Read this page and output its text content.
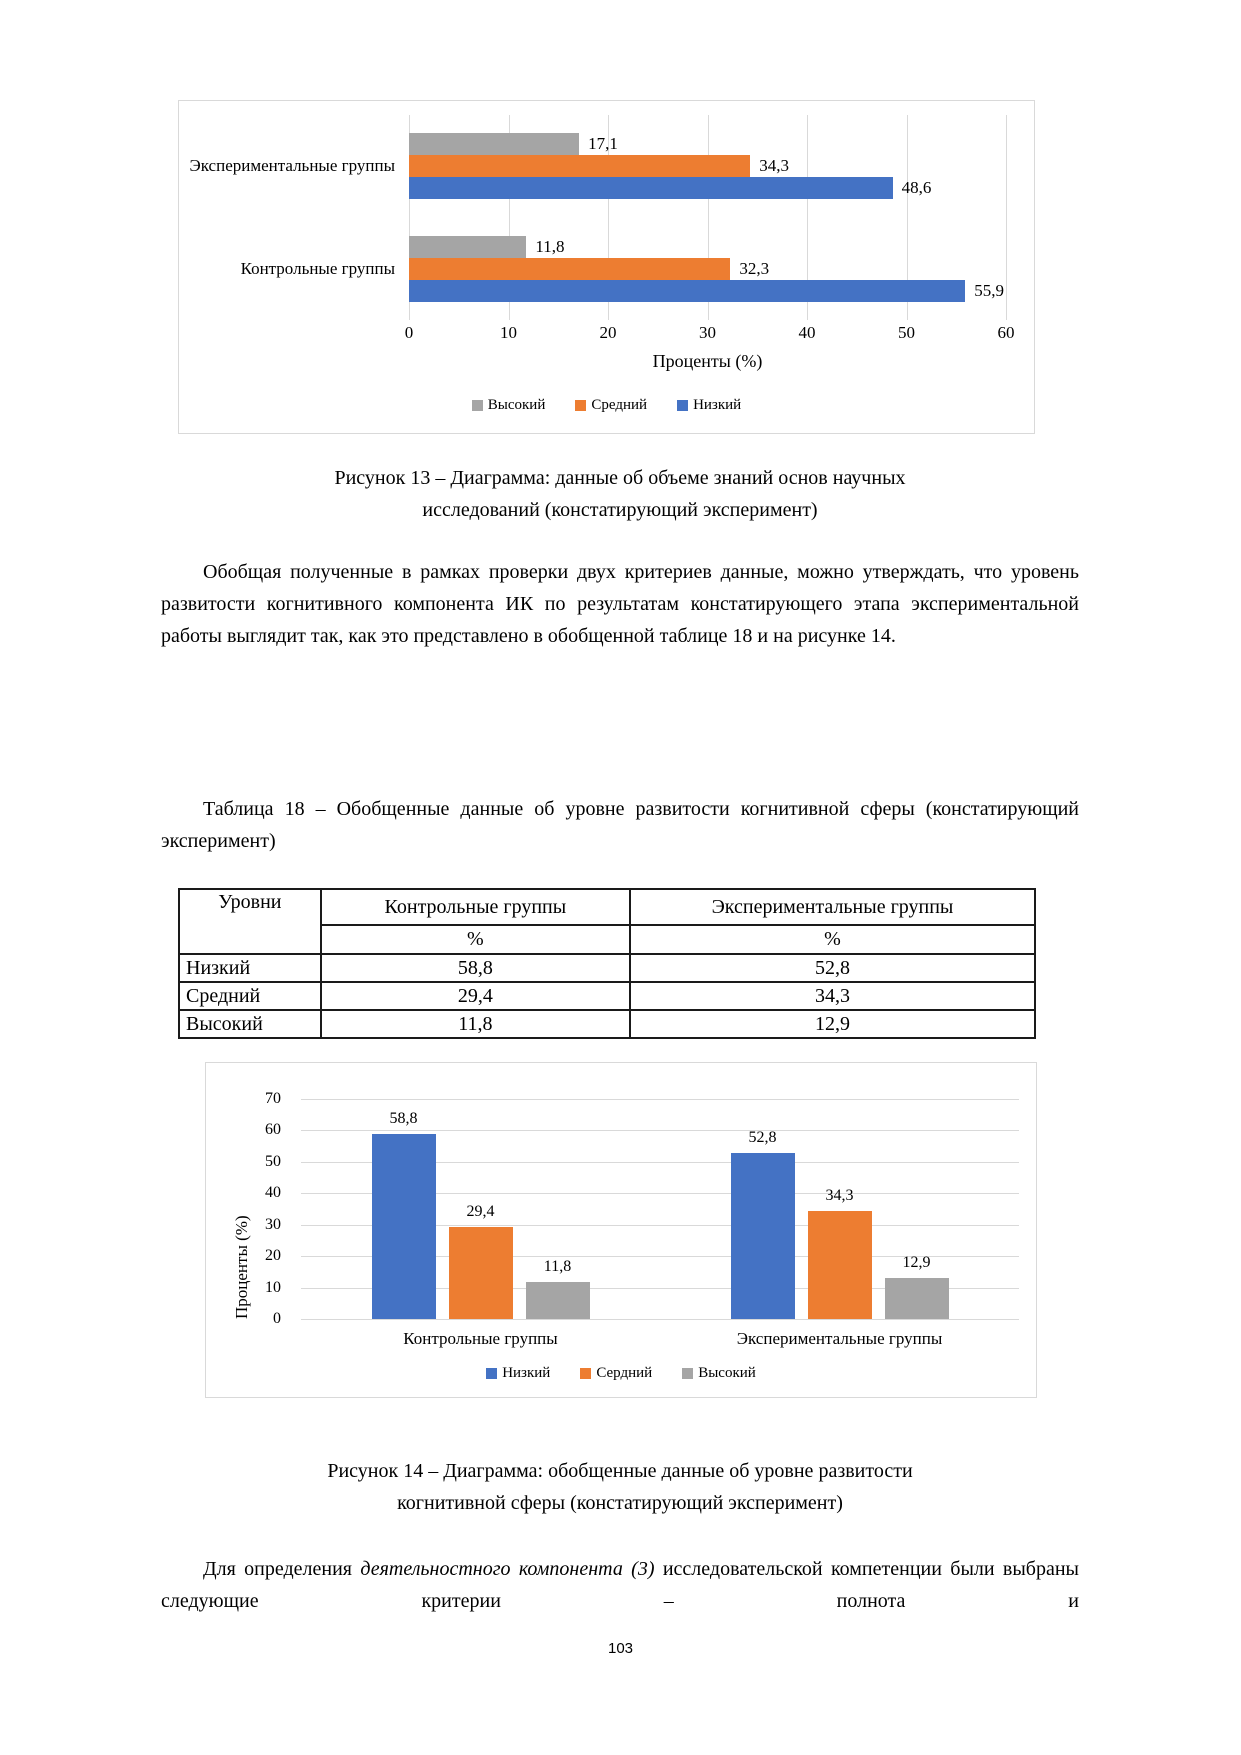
Экспериментальные группы
Контрольные группы
17,1
34,3
48,6
11,8
32,3
55,9
0	10	20	30	40	50	60
Проценты (%)
Высокий	Средний	Низкий
Рисунок 13 – Диаграмма: данные об объеме знаний основ научных
исследований (констатирующий эксперимент)

Обобщая полученные в рамках проверки двух критериев данные, можно утверждать, что уровень развитости когнитивного компонента ИК по результатам констатирующего этапа экспериментальной работы выглядит так, как это представлено в обобщенной таблице 18 и на рисунке 14.

Таблица 18 – Обобщенные данные об уровне развитости когнитивной сферы (констатирующий эксперимент)

Уровни	Контрольные группы	Экспериментальные группы
	%	%
Низкий	58,8	52,8
Средний	29,4	34,3
Высокий	11,8	12,9
Проценты (%) 0
10
20
30
40
50
60
70
58,8
29,4
11,8
52,8
34,3
12,9
Контрольные группы	Экспериментальные группы
Низкий	Сердний	Высокий
Рисунок 14 – Диаграмма: обобщенные данные об уровне развитости
когнитивной сферы (констатирующий эксперимент)

Для определения деятельностного компонента (3) исследовательской компетенции были выбраны следующие критерии – полнота и

103
